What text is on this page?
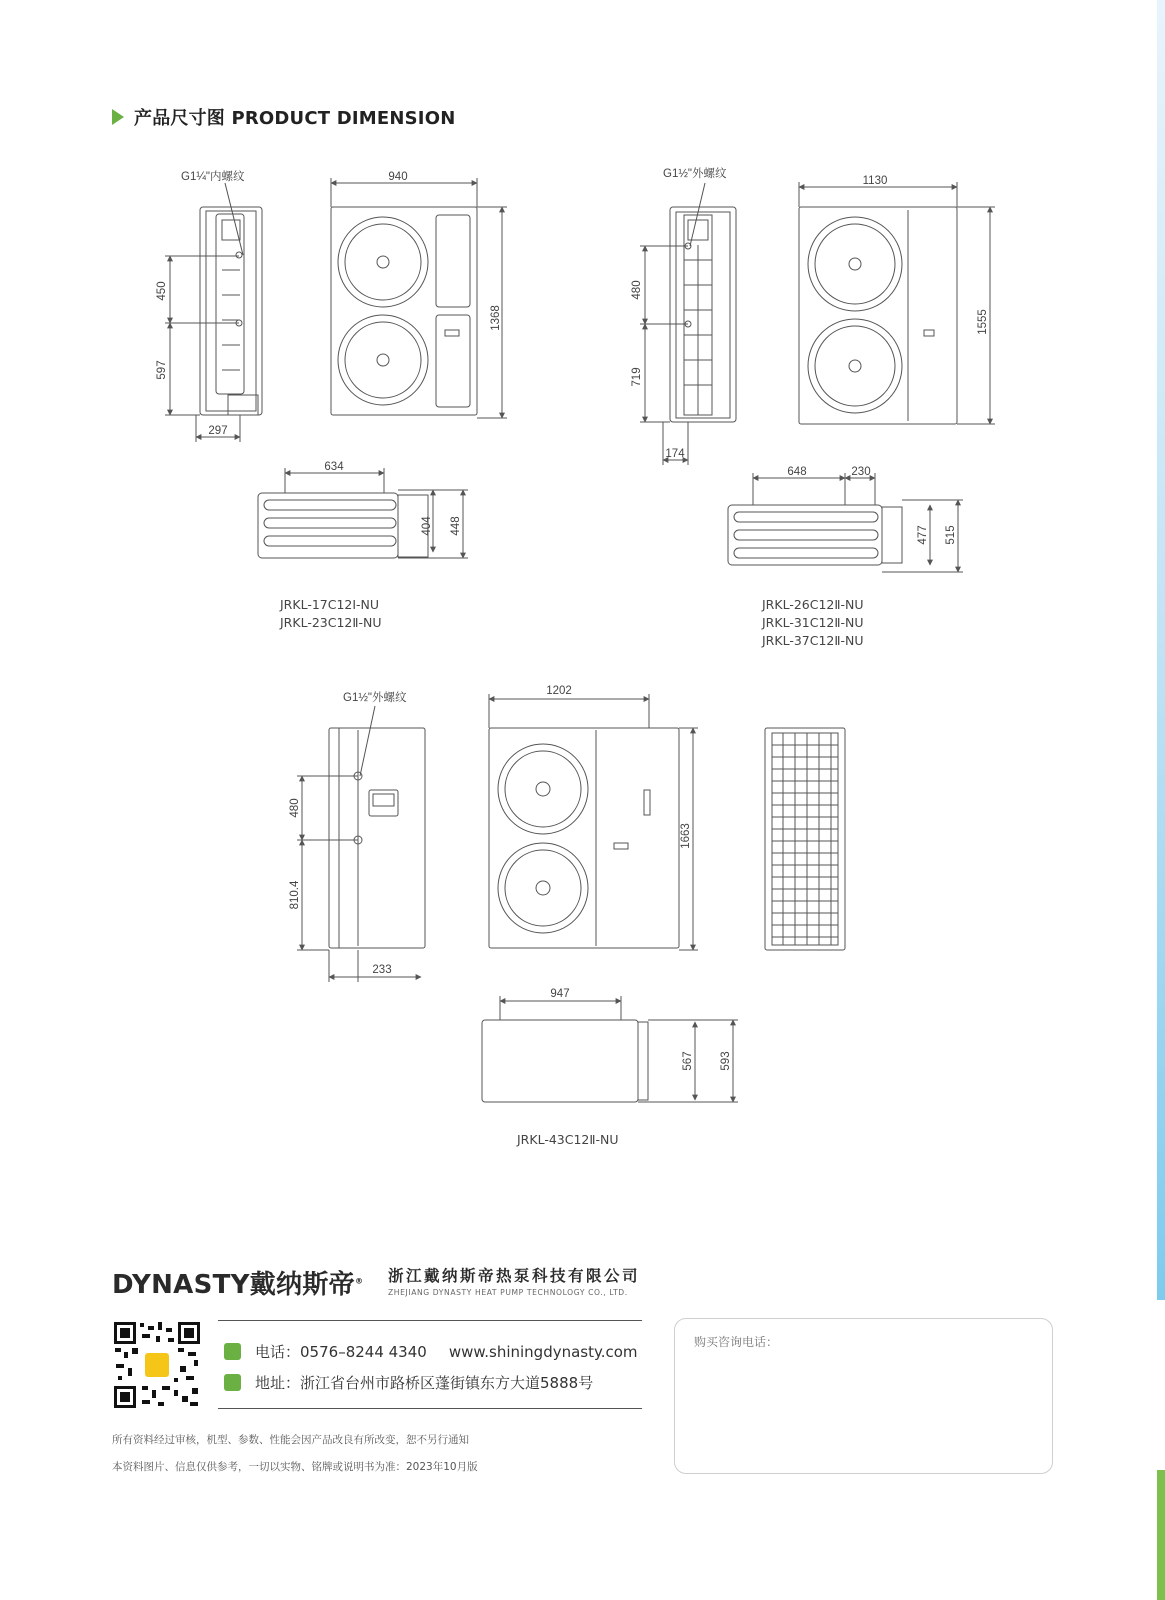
产品尺寸图 PRODUCT DIMENSION
G1¼"内螺纹	940
1368
450
597
297
634
404 448
G1½"外螺纹
1130
1555
480
719
174
648	230
477 515
G1½"外螺纹
1202
1663
480
810.4
233
947
567 593
JRKL-17C12Ⅰ-NU
JRKL-23C12Ⅱ-NU
JRKL-26C12Ⅱ-NU
JRKL-31C12Ⅱ-NU
JRKL-37C12Ⅱ-NU
JRKL-43C12Ⅱ-NU
DYNASTY戴纳斯帝® 浙江戴纳斯帝热泵科技有限公司
ZHEJIANG DYNASTY HEAT PUMP TECHNOLOGY CO., LTD.
电话： 0576–8244 4340 www.shiningdynasty.com
地址： 浙江省台州市路桥区蓬街镇东方大道5888号
所有资料经过审核，机型、参数、性能会因产品改良有所改变，恕不另行通知
本资料图片、信息仅供参考，一切以实物、铭牌或说明书为准：2023年10月版
购买咨询电话：
